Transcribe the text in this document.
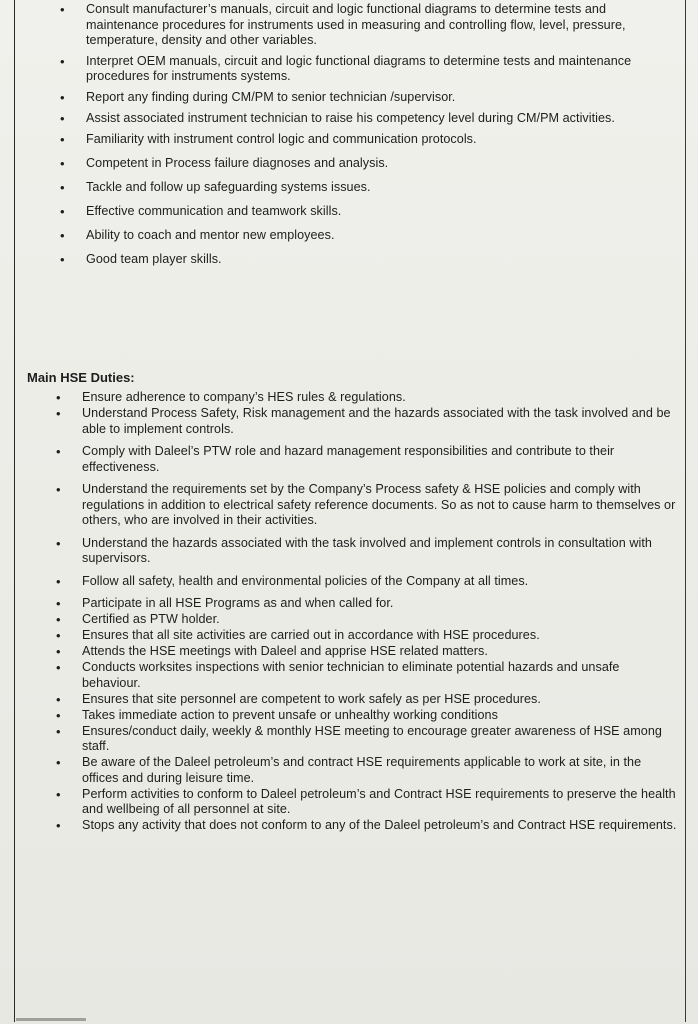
• Consult manufacturer’s manuals, circuit and logic functional diagrams to determine tests and maintenance procedures for instruments used in measuring and controlling flow, level, pressure, temperature, density and other variables.
• Interpret OEM manuals, circuit and logic functional diagrams to determine tests and maintenance procedures for instruments systems.
• Report any finding during CM/PM to senior technician /supervisor.
• Assist associated instrument technician to raise his competency level during CM/PM activities.
• Familiarity with instrument control logic and communication protocols.
• Competent in Process failure diagnoses and analysis.
• Tackle and follow up safeguarding systems issues.
• Effective communication and teamwork skills.
• Ability to coach and mentor new employees.
• Good team player skills.
Main HSE Duties:
• Ensure adherence to company’s HES rules & regulations.
• Understand Process Safety, Risk management and the hazards associated with the task involved and be able to implement controls.
• Comply with Daleel’s PTW role and hazard management responsibilities and contribute to their effectiveness.
• Understand the requirements set by the Company’s Process safety & HSE policies and comply with regulations in addition to electrical safety reference documents. So as not to cause harm to themselves or others, who are involved in their activities.
• Understand the hazards associated with the task involved and implement controls in consultation with supervisors.
• Follow all safety, health and environmental policies of the Company at all times.
• Participate in all HSE Programs as and when called for.
• Certified as PTW holder.
• Ensures that all site activities are carried out in accordance with HSE procedures.
• Attends the HSE meetings with Daleel and apprise HSE related matters.
• Conducts worksites inspections with senior technician to eliminate potential hazards and unsafe behaviour.
• Ensures that site personnel are competent to work safely as per HSE procedures.
• Takes immediate action to prevent unsafe or unhealthy working conditions
• Ensures/conduct daily, weekly & monthly HSE meeting to encourage greater awareness of HSE among staff.
• Be aware of the Daleel petroleum’s and contract HSE requirements applicable to work at site, in the offices and during leisure time.
• Perform activities to conform to Daleel petroleum’s and Contract HSE requirements to preserve the health and wellbeing of all personnel at site.
• Stops any activity that does not conform to any of the Daleel petroleum’s and Contract HSE requirements.
